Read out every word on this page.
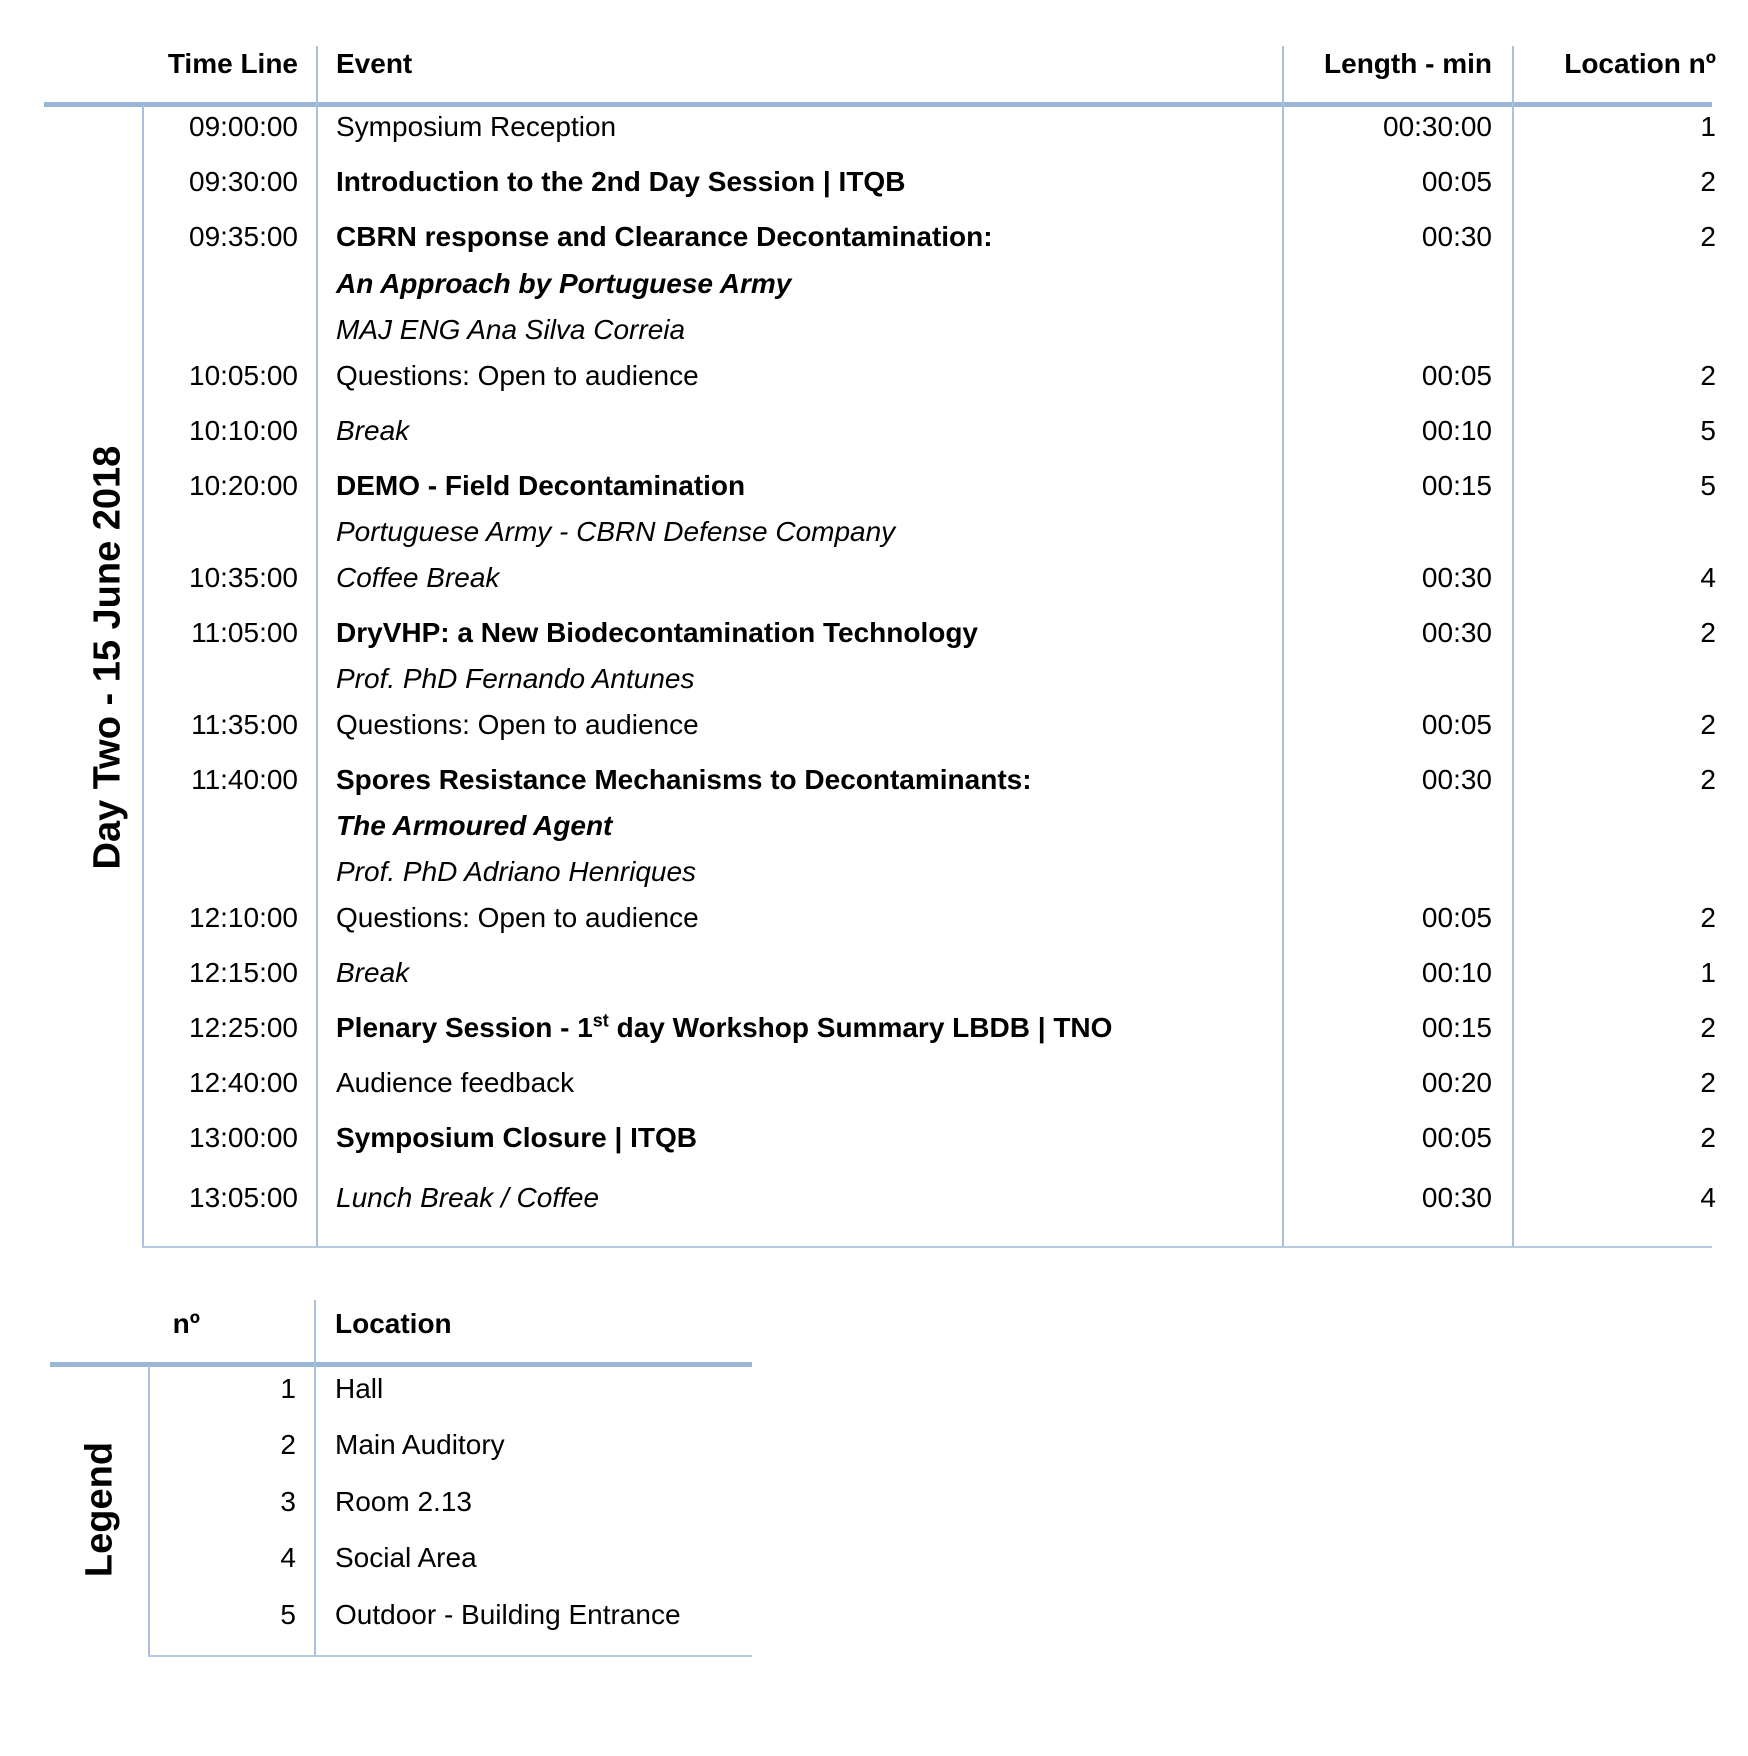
Time Line Event	Length - min	Location nº
Day Two - 15 June 2018
09:00:00 Symposium Reception	00:30:00	1
09:30:00 Introduction to the 2nd Day Session | ITQB	00:05	2
09:35:00 CBRN response and Clearance Decontamination:	00:30	2
An Approach by Portuguese Army
MAJ ENG Ana Silva Correia
10:05:00 Questions: Open to audience	00:05	2
10:10:00 Break	00:10	5
10:20:00 DEMO - Field Decontamination	00:15	5
Portuguese Army - CBRN Defense Company
10:35:00 Coffee Break	00:30	4
11:05:00 DryVHP: a New Biodecontamination Technology	00:30	2
Prof. PhD Fernando Antunes
11:35:00 Questions: Open to audience	00:05	2
11:40:00 Spores Resistance Mechanisms to Decontaminants:	00:30	2
The Armoured Agent
Prof. PhD Adriano Henriques
12:10:00 Questions: Open to audience	00:05	2
12:15:00 Break	00:10	1
12:25:00 Plenary Session - 1st day Workshop Summary LBDB | TNO	00:15	2
12:40:00 Audience feedback	00:20	2
13:00:00 Symposium Closure | ITQB	00:05	2
13:05:00 Lunch Break / Coffee	00:30	4
nº	Location
Legend
1 Hall
2 Main Auditory
3 Room 2.13
4 Social Area
5 Outdoor - Building Entrance
